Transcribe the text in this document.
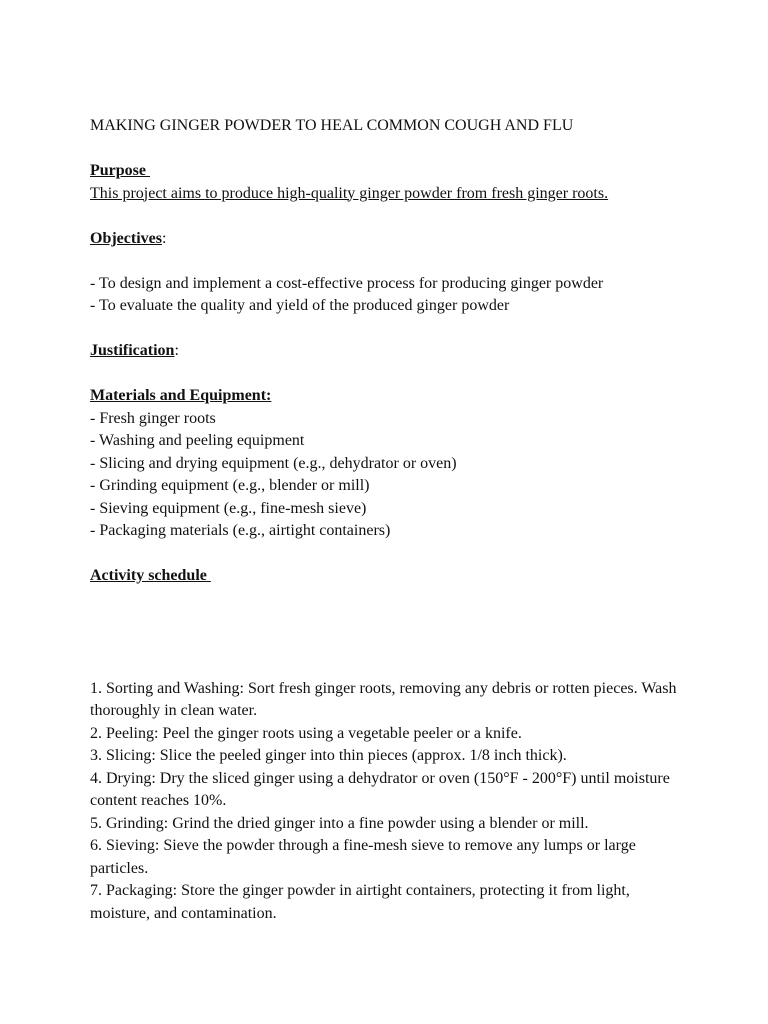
MAKING GINGER POWDER TO HEAL COMMON COUGH AND FLU

Purpose

This project aims to produce high-quality ginger powder from fresh ginger roots.

Objectives:

- To design and implement a cost-effective process for producing ginger powder

- To evaluate the quality and yield of the produced ginger powder

Justification:

Materials and Equipment:

- Fresh ginger roots

- Washing and peeling equipment

- Slicing and drying equipment (e.g., dehydrator or oven)

- Grinding equipment (e.g., blender or mill)

- Sieving equipment (e.g., fine-mesh sieve)

- Packaging materials (e.g., airtight containers)

Activity schedule

1. Sorting and Washing: Sort fresh ginger roots, removing any debris or rotten pieces. Wash thoroughly in clean water.

2. Peeling: Peel the ginger roots using a vegetable peeler or a knife.

3. Slicing: Slice the peeled ginger into thin pieces (approx. 1/8 inch thick).

4. Drying: Dry the sliced ginger using a dehydrator or oven (150°F - 200°F) until moisture content reaches 10%.

5. Grinding: Grind the dried ginger into a fine powder using a blender or mill.

6. Sieving: Sieve the powder through a fine-mesh sieve to remove any lumps or large particles.

7. Packaging: Store the ginger powder in airtight containers, protecting it from light, moisture, and contamination.
